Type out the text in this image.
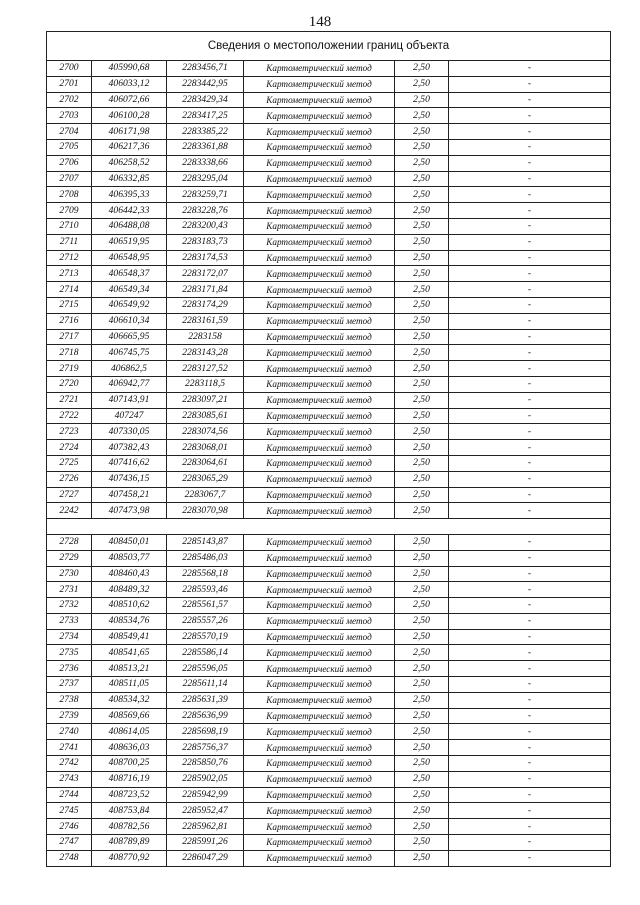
148
Сведения о местоположении границ объекта					
2700	405990,68	2283456,71	Картометрический метод	2,50	-
2701	406033,12	2283442,95	Картометрический метод	2,50	-
2702	406072,66	2283429,34	Картометрический метод	2,50	-
2703	406100,28	2283417,25	Картометрический метод	2,50	-
2704	406171,98	2283385,22	Картометрический метод	2,50	-
2705	406217,36	2283361,88	Картометрический метод	2,50	-
2706	406258,52	2283338,66	Картометрический метод	2,50	-
2707	406332,85	2283295,04	Картометрический метод	2,50	-
2708	406395,33	2283259,71	Картометрический метод	2,50	-
2709	406442,33	2283228,76	Картометрический метод	2,50	-
2710	406488,08	2283200,43	Картометрический метод	2,50	-
2711	406519,95	2283183,73	Картометрический метод	2,50	-
2712	406548,95	2283174,53	Картометрический метод	2,50	-
2713	406548,37	2283172,07	Картометрический метод	2,50	-
2714	406549,34	2283171,84	Картометрический метод	2,50	-
2715	406549,92	2283174,29	Картометрический метод	2,50	-
2716	406610,34	2283161,59	Картометрический метод	2,50	-
2717	406665,95	2283158	Картометрический метод	2,50	-
2718	406745,75	2283143,28	Картометрический метод	2,50	-
2719	406862,5	2283127,52	Картометрический метод	2,50	-
2720	406942,77	2283118,5	Картометрический метод	2,50	-
2721	407143,91	2283097,21	Картометрический метод	2,50	-
2722	407247	2283085,61	Картометрический метод	2,50	-
2723	407330,05	2283074,56	Картометрический метод	2,50	-
2724	407382,43	2283068,01	Картометрический метод	2,50	-
2725	407416,62	2283064,61	Картометрический метод	2,50	-
2726	407436,15	2283065,29	Картометрический метод	2,50	-
2727	407458,21	2283067,7	Картометрический метод	2,50	-
2242	407473,98	2283070,98	Картометрический метод	2,50	-

2728	408450,01	2285143,87	Картометрический метод	2,50	-
2729	408503,77	2285486,03	Картометрический метод	2,50	-
2730	408460,43	2285568,18	Картометрический метод	2,50	-
2731	408489,32	2285593,46	Картометрический метод	2,50	-
2732	408510,62	2285561,57	Картометрический метод	2,50	-
2733	408534,76	2285557,26	Картометрический метод	2,50	-
2734	408549,41	2285570,19	Картометрический метод	2,50	-
2735	408541,65	2285586,14	Картометрический метод	2,50	-
2736	408513,21	2285596,05	Картометрический метод	2,50	-
2737	408511,05	2285611,14	Картометрический метод	2,50	-
2738	408534,32	2285631,39	Картометрический метод	2,50	-
2739	408569,66	2285636,99	Картометрический метод	2,50	-
2740	408614,05	2285698,19	Картометрический метод	2,50	-
2741	408636,03	2285756,37	Картометрический метод	2,50	-
2742	408700,25	2285850,76	Картометрический метод	2,50	-
2743	408716,19	2285902,05	Картометрический метод	2,50	-
2744	408723,52	2285942,99	Картометрический метод	2,50	-
2745	408753,84	2285952,47	Картометрический метод	2,50	-
2746	408782,56	2285962,81	Картометрический метод	2,50	-
2747	408789,89	2285991,26	Картометрический метод	2,50	-
2748	408770,92	2286047,29	Картометрический метод	2,50	-
